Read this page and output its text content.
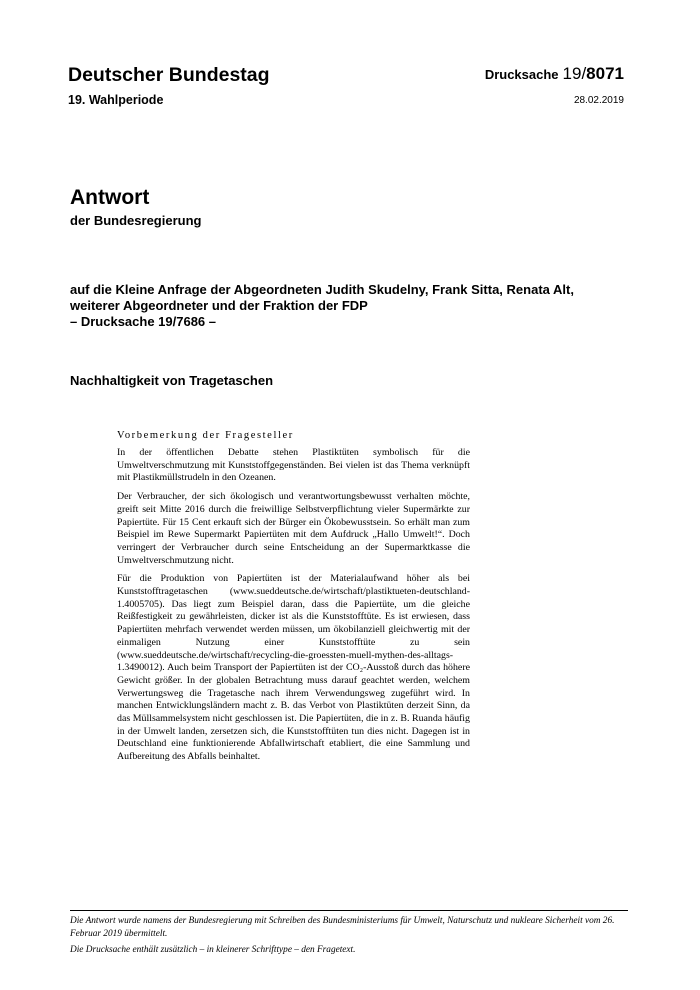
Deutscher Bundestag
19. Wahlperiode
Drucksache 19/8071
28.02.2019
Antwort
der Bundesregierung
auf die Kleine Anfrage der Abgeordneten Judith Skudelny, Frank Sitta, Renata Alt,
weiterer Abgeordneter und der Fraktion der FDP
– Drucksache 19/7686 –
Nachhaltigkeit von Tragetaschen
Vorbemerkung der Fragesteller

In der öffentlichen Debatte stehen Plastiktüten symbolisch für die Umweltverschmutzung mit Kunststoffgegenständen. Bei vielen ist das Thema verknüpft mit Plastikmüllstrudeln in den Ozeanen.

Der Verbraucher, der sich ökologisch und verantwortungsbewusst verhalten möchte, greift seit Mitte 2016 durch die freiwillige Selbstverpflichtung vieler Supermärkte zur Papiertüte. Für 15 Cent erkauft sich der Bürger ein Ökobewusstsein. So erhält man zum Beispiel im Rewe Supermarkt Papiertüten mit dem Aufdruck „Hallo Umwelt!“. Doch verringert der Verbraucher durch seine Entscheidung an der Supermarktkasse die Umweltverschmutzung nicht.

Für die Produktion von Papiertüten ist der Materialaufwand höher als bei Kunststofftragetaschen (www.sueddeutsche.de/wirtschaft/plastiktueten-deutschland-1.4005705). Das liegt zum Beispiel daran, dass die Papiertüte, um die gleiche Reißfestigkeit zu gewährleisten, dicker ist als die Kunststofftüte. Es ist erwiesen, dass Papiertüten mehrfach verwendet werden müssen, um ökobilanziell gleichwertig mit der einmaligen Nutzung einer Kunststofftüte zu sein (www.sueddeutsche.de/wirtschaft/recycling-die-groessten-muell-mythen-des-alltags-1.3490012). Auch beim Transport der Papiertüten ist der CO₂-Ausstoß durch das höhere Gewicht größer. In der globalen Betrachtung muss darauf geachtet werden, welchem Verwertungsweg die Tragetasche nach ihrem Verwendungsweg zugeführt wird. In manchen Entwicklungsländern macht z. B. das Verbot von Plastiktüten derzeit Sinn, da das Müllsammelsystem nicht geschlossen ist. Die Papiertüten, die in z. B. Ruanda häufig in der Umwelt landen, zersetzen sich, die Kunststofftüten tun dies nicht. Dagegen ist in Deutschland eine funktionierende Abfallwirtschaft etabliert, die eine Sammlung und Aufbereitung des Abfalls beinhaltet.

Die Antwort wurde namens der Bundesregierung mit Schreiben des Bundesministeriums für Umwelt, Naturschutz und nukleare Sicherheit vom 26. Februar 2019 übermittelt.

Die Drucksache enthält zusätzlich – in kleinerer Schrifttype – den Fragetext.
